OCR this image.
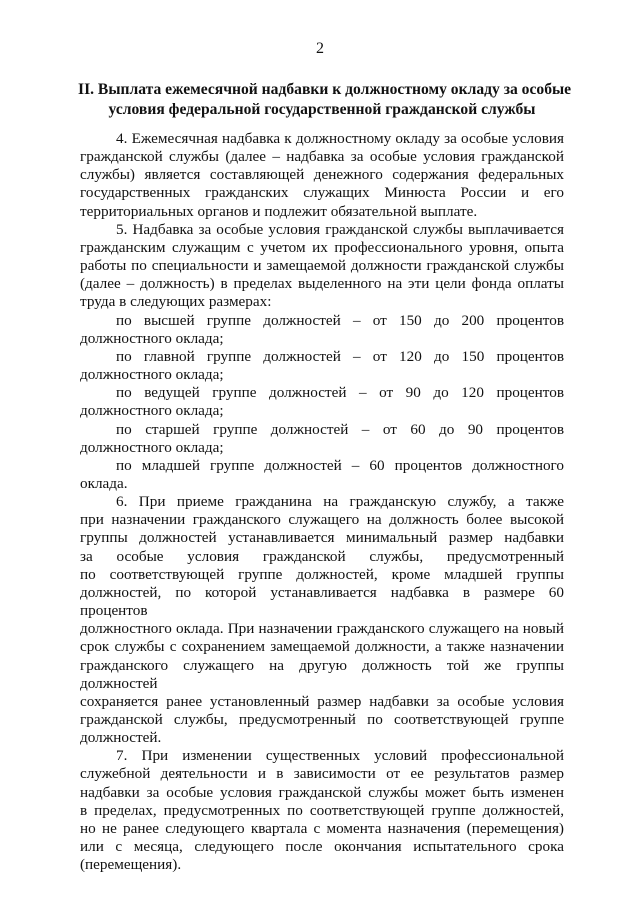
2
II. Выплата ежемесячной надбавки к должностному окладу за особые
условия федеральной государственной гражданской службы
4. Ежемесячная надбавка к должностному окладу за особые условия
гражданской службы (далее – надбавка за особые условия гражданской
службы) является составляющей денежного содержания федеральных
государственных гражданских служащих Минюста России и его
территориальных органов и подлежит обязательной выплате.
5. Надбавка за особые условия гражданской службы выплачивается
гражданским служащим с учетом их профессионального уровня, опыта
работы по специальности и замещаемой должности гражданской службы
(далее – должность) в пределах выделенного на эти цели фонда оплаты
труда в следующих размерах:
по высшей группе должностей – от 150 до 200 процентов
должностного оклада;
по главной группе должностей – от 120 до 150 процентов
должностного оклада;
по ведущей группе должностей – от 90 до 120 процентов
должностного оклада;
по старшей группе должностей – от 60 до 90 процентов
должностного оклада;
по младшей группе должностей – 60 процентов должностного
оклада.
6. При приеме гражданина на гражданскую службу, а также
при назначении гражданского служащего на должность более высокой
группы должностей устанавливается минимальный размер надбавки
за особые условия гражданской службы, предусмотренный
по соответствующей группе должностей, кроме младшей группы
должностей, по которой устанавливается надбавка в размере 60 процентов
должностного оклада. При назначении гражданского служащего на новый
срок службы с сохранением замещаемой должности, а также назначении
гражданского служащего на другую должность той же группы должностей
сохраняется ранее установленный размер надбавки за особые условия
гражданской службы, предусмотренный по соответствующей группе
должностей.
7. При изменении существенных условий профессиональной
служебной деятельности и в зависимости от ее результатов размер
надбавки за особые условия гражданской службы может быть изменен
в пределах, предусмотренных по соответствующей группе должностей,
но не ранее следующего квартала с момента назначения (перемещения)
или с месяца, следующего после окончания испытательного срока
(перемещения).
